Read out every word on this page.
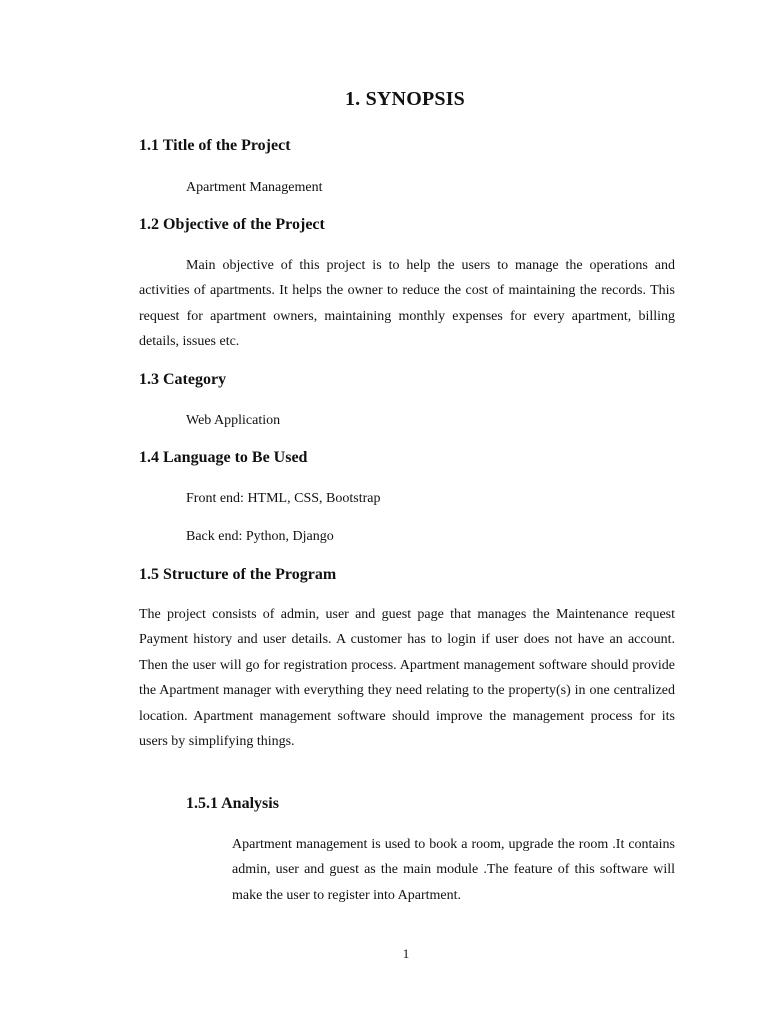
1. SYNOPSIS
1.1 Title of the Project
Apartment Management
1.2 Objective of the Project
Main objective of this project is to help the users to manage the operations and activities of apartments. It helps the owner to reduce the cost of maintaining the records. This request for apartment owners, maintaining monthly expenses for every apartment, billing details, issues etc.
1.3 Category
Web Application
1.4 Language to Be Used
Front end: HTML, CSS, Bootstrap
Back end: Python, Django
1.5 Structure of the Program
The project consists of admin, user and guest page that manages the Maintenance request Payment history and user details. A customer has to login if user does not have an account. Then the user will go for registration process. Apartment management software should provide the Apartment manager with everything they need relating to the property(s) in one centralized location. Apartment management software should improve the management process for its users by simplifying things.
1.5.1 Analysis
Apartment management is used to book a room, upgrade the room .It contains admin, user and guest as the main module .The feature of this software will make the user to register into Apartment.
1
